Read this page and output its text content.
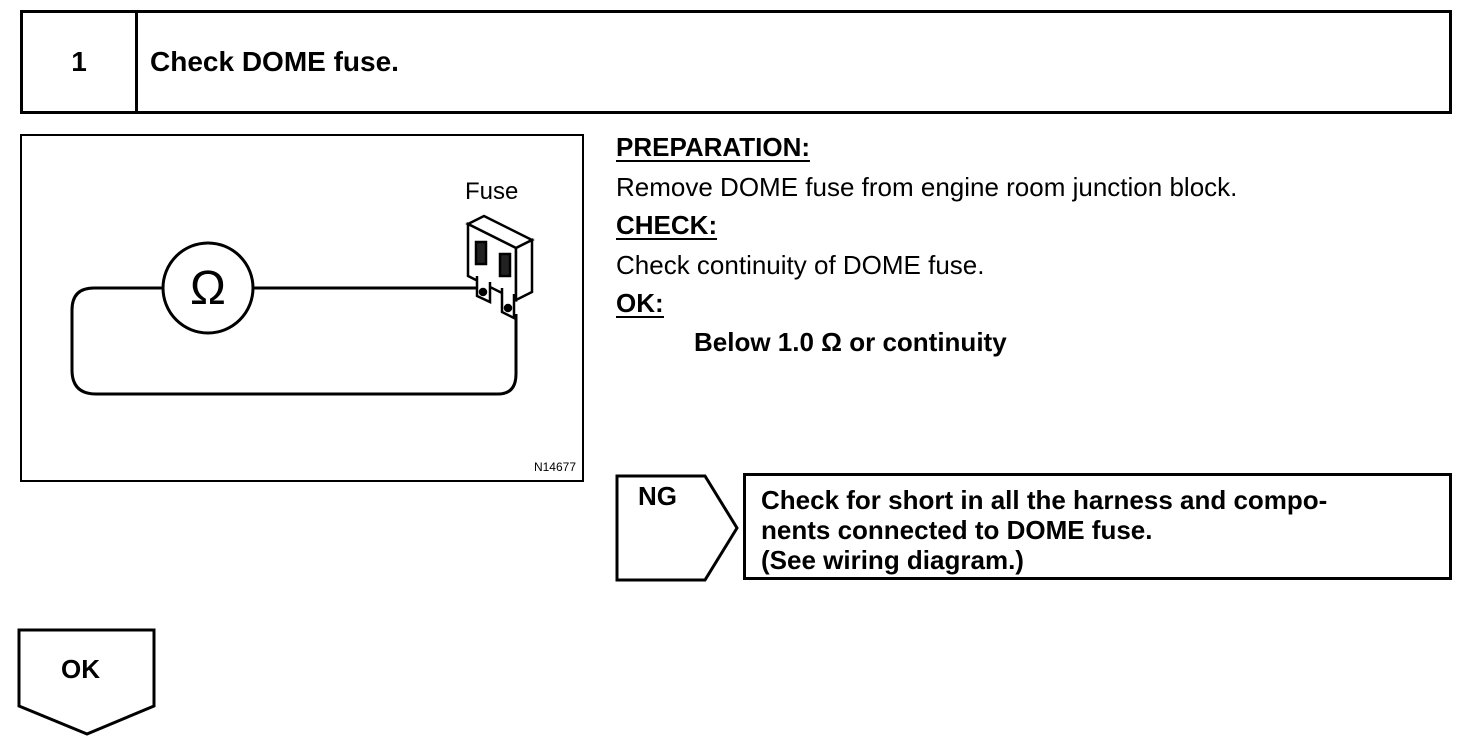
1	Check DOME fuse.
Ω
Fuse
N14677
PREPARATION:
Remove DOME fuse from engine room junction block.
CHECK:
Check continuity of DOME fuse.
OK:
Below 1.0 Ω or continuity
NG	Check for short in all the harness and compo-
nents connected to DOME fuse.
(See wiring diagram.)
OK
